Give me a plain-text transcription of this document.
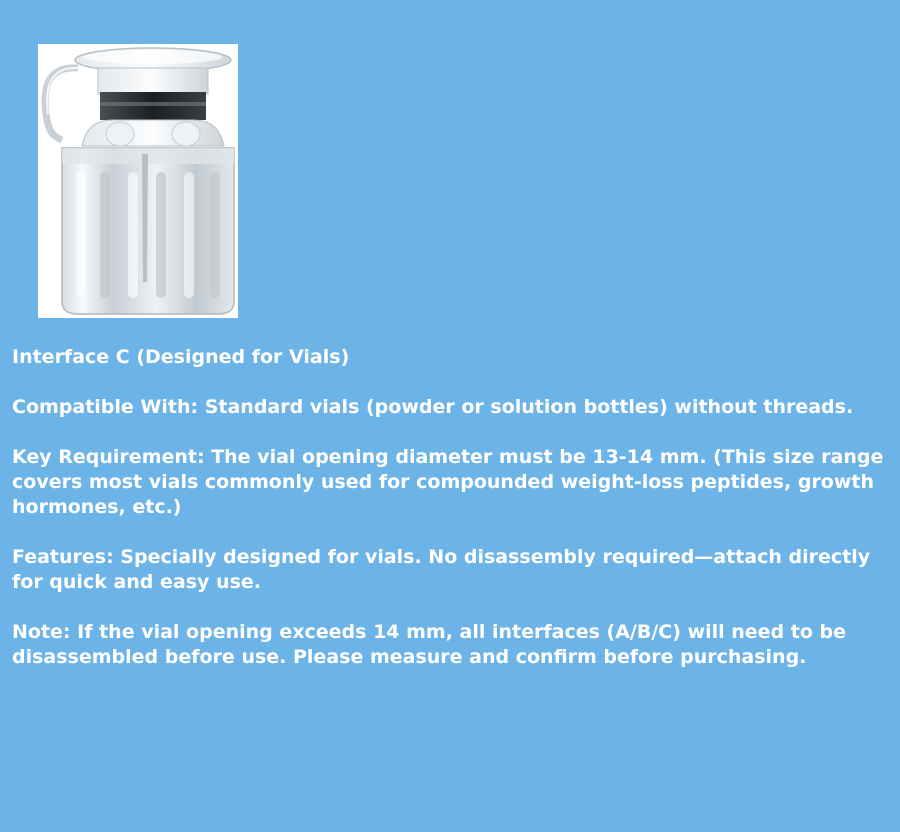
Interface C (Designed for Vials)

Compatible With: Standard vials (powder or solution bottles) without threads.

Key Requirement: The vial opening diameter must be 13-14 mm. (This size range
covers most vials commonly used for compounded weight-loss peptides, growth
hormones, etc.)

Features: Specially designed for vials. No disassembly required—attach directly
for quick and easy use.

Note: If the vial opening exceeds 14 mm, all interfaces (A/B/C) will need to be
disassembled before use. Please measure and confirm before purchasing.
